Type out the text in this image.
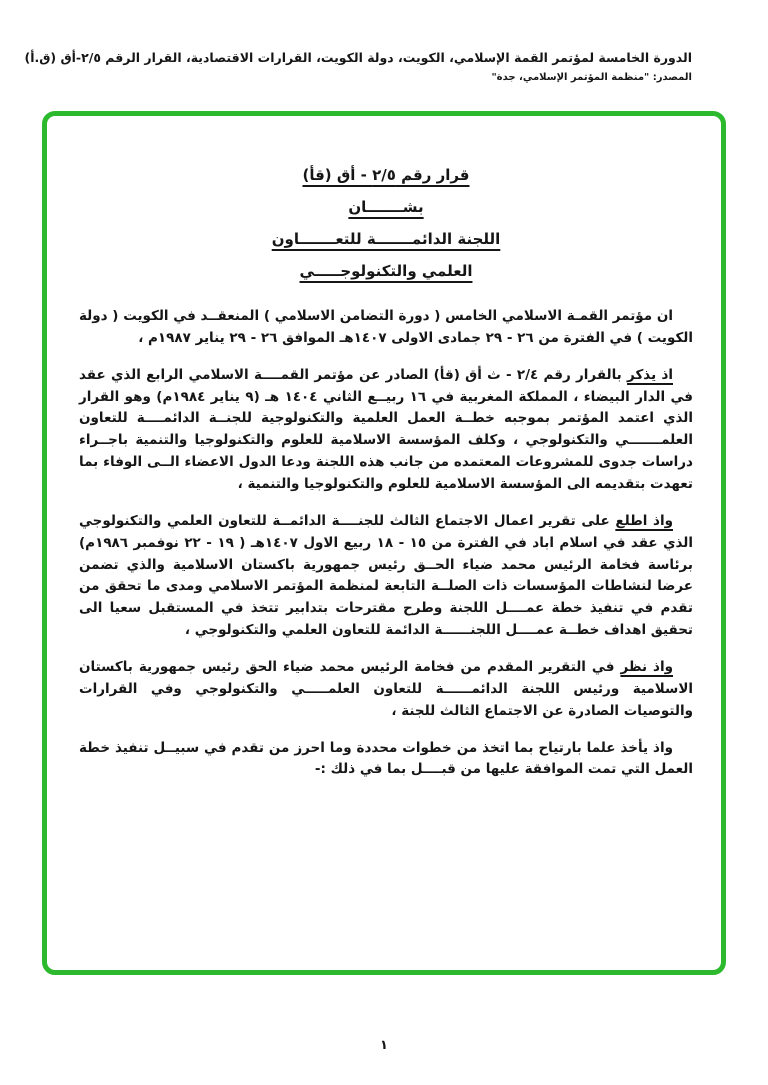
الدورة الخامسة لمؤتمر القمة الإسلامي، الكويت، دولة الكويت، القرارات الاقتصادية، القرار الرقم ٢/٥-أق (ق.أ)
المصدر: "منظمة المؤتمر الإسلامي، جدة"
قرار رقم ٢/٥ - أق (قأ)
بشـــــــان
اللجنة الدائمـــــــة للتعـــــــاون
العلمي والتكنولوجـــــي

ان مؤتمر القمـة الاسلامي الخامس ( دورة التضامن الاسلامي ) المنعقــد في الكويت ( دولة الكويت ) في الفترة من ٢٦ - ٢٩ جمادى الاولى ١٤٠٧هـ الموافق ٢٦ - ٢٩ يناير ١٩٨٧م ،

اذ يذكر بالقرار رقم ٢/٤ - ث أق (قأ) الصادر عن مؤتمر القمــــة الاسلامي الرابع الذي عقد في الدار البيضاء ، المملكة المغربية في ١٦ ربيــع الثاني ١٤٠٤ هـ (٩ يناير ١٩٨٤م) وهو القرار الذي اعتمد المؤتمر بموجبه خطــة العمل العلمية والتكنولوجية للجنــة الدائمــــة للتعاون العلمـــــــي والتكنولوجي ، وكلف المؤسسة الاسلامية للعلوم والتكنولوجيا والتنمية باجــراء دراسات جدوى للمشروعات المعتمده من جانب هذه اللجنة ودعا الدول الاعضاء الــى الوفاء بما تعهدت بتقديمه الى المؤسسة الاسلامية للعلوم والتكنولوجيا والتنمية ،

واذ اطلع على تقرير اعمال الاجتماع الثالث للجنــــة الدائمــة للتعاون العلمي والتكنولوجي الذي عقد في اسلام اباد في الفترة من ١٥ - ١٨ ربيع الاول ١٤٠٧هـ ( ١٩ - ٢٢ نوفمبر ١٩٨٦م) برئاسة فخامة الرئيس محمد ضياء الحــق رئيس جمهورية باكستان الاسلامية والذي تضمن عرضا لنشاطات المؤسسات ذات الصلــة التابعة لمنظمة المؤتمر الاسلامي ومدى ما تحقق من تقدم في تنفيذ خطة عمــــل اللجنة وطرح مقترحات بتدابير تتخذ في المستقبل سعيا الى تحقيق اهداف خطــة عمــــل اللجنــــــة الدائمة للتعاون العلمي والتكنولوجي ،

واذ نظر في التقرير المقدم من فخامة الرئيس محمد ضياء الحق رئيس جمهورية باكستان الاسلامية ورئيس اللجنة الدائمــــــة للتعاون العلمـــــي والتكنولوجي وفي القرارات والتوصيات الصادرة عن الاجتماع الثالث للجنة ،

واذ يأخذ علما بارتياح بما اتخذ من خطوات محددة وما احرز من تقدم في سبيــل تنفيذ خطة العمل التي تمت الموافقة عليها من قبــــل بما في ذلك :-

١
